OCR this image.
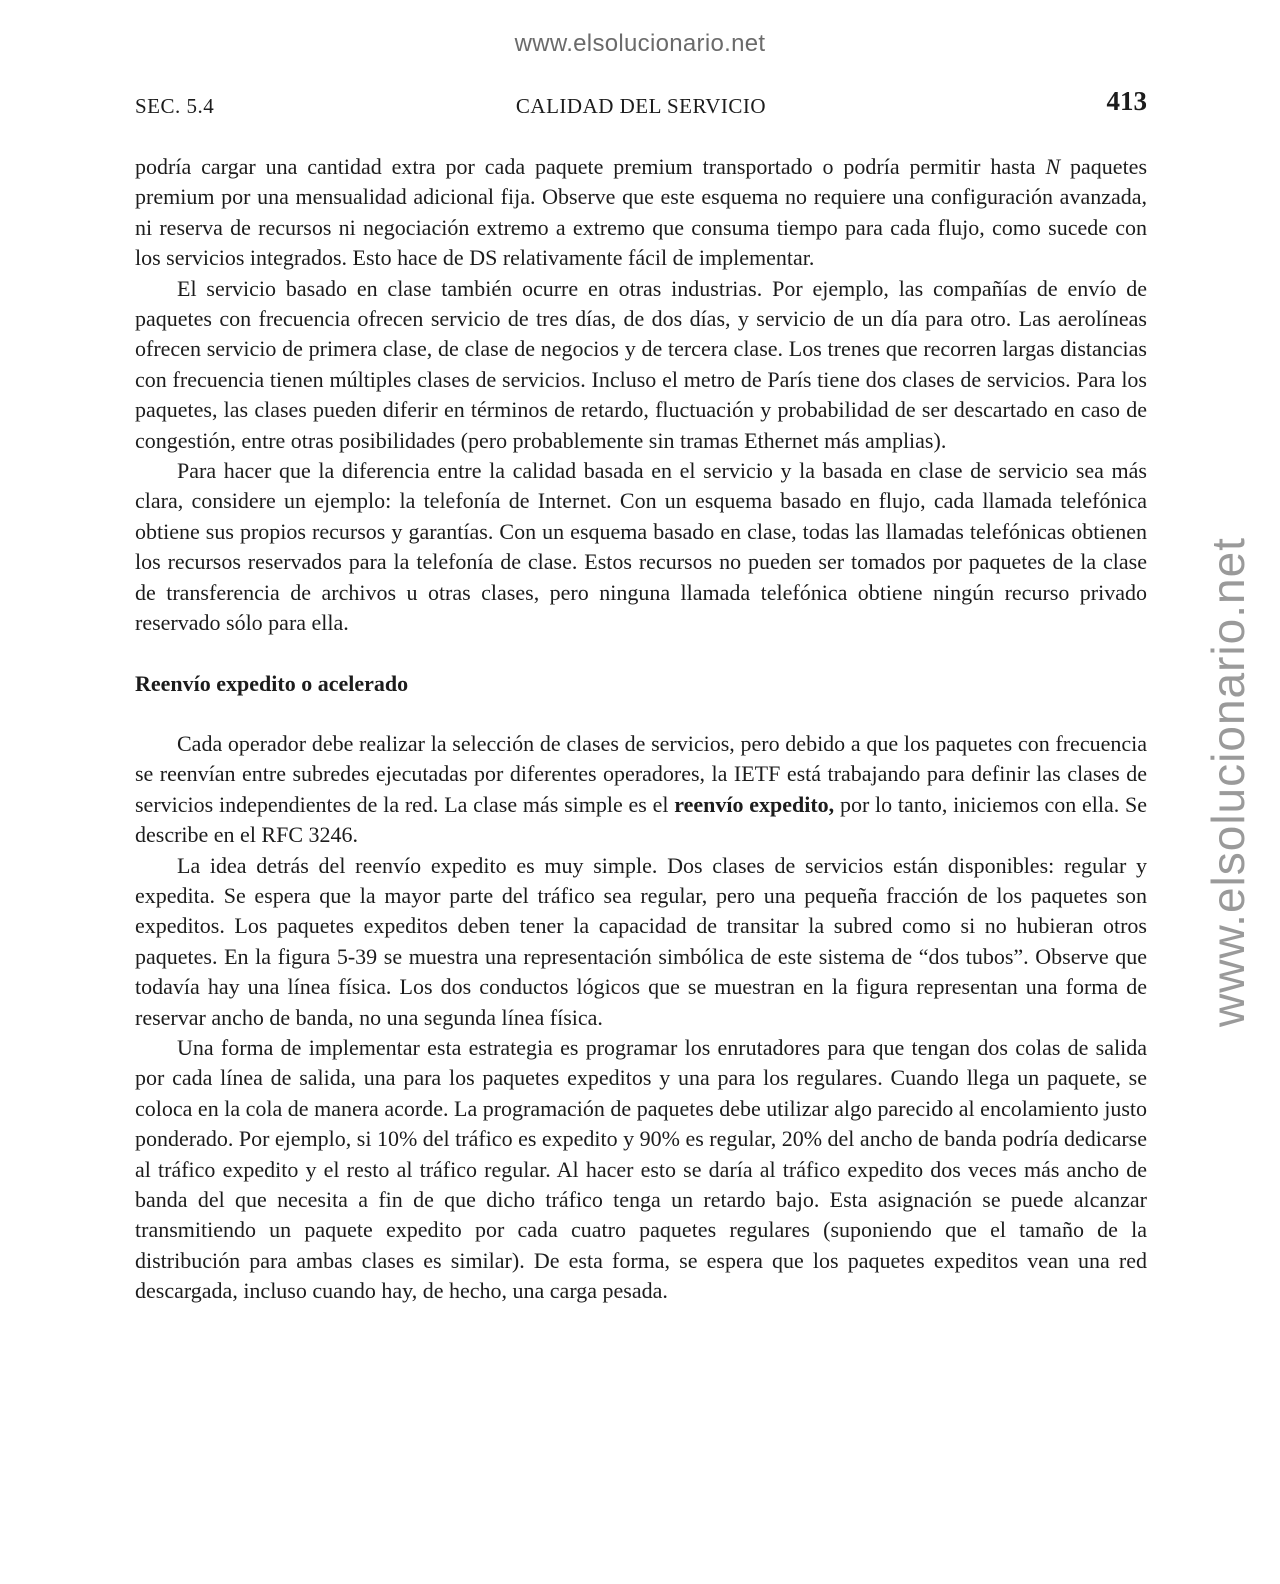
www.elsolucionario.net
www.elsolucionario.net
SEC. 5.4	CALIDAD DEL SERVICIO	413

podría cargar una cantidad extra por cada paquete premium transportado o podría permitir hasta N paquetes premium por una mensualidad adicional fija. Observe que este esquema no requiere una configuración avanzada, ni reserva de recursos ni negociación extremo a extremo que consuma tiempo para cada flujo, como sucede con los servicios integrados. Esto hace de DS relativamente fácil de implementar.

El servicio basado en clase también ocurre en otras industrias. Por ejemplo, las compañías de envío de paquetes con frecuencia ofrecen servicio de tres días, de dos días, y servicio de un día para otro. Las aerolíneas ofrecen servicio de primera clase, de clase de negocios y de tercera clase. Los trenes que recorren largas distancias con frecuencia tienen múltiples clases de servicios. Incluso el metro de París tiene dos clases de servicios. Para los paquetes, las clases pueden diferir en términos de retardo, fluctuación y probabilidad de ser descartado en caso de congestión, entre otras posibilidades (pero probablemente sin tramas Ethernet más amplias).

Para hacer que la diferencia entre la calidad basada en el servicio y la basada en clase de servicio sea más clara, considere un ejemplo: la telefonía de Internet. Con un esquema basado en flujo, cada llamada telefónica obtiene sus propios recursos y garantías. Con un esquema basado en clase, todas las llamadas telefónicas obtienen los recursos reservados para la telefonía de clase. Estos recursos no pueden ser tomados por paquetes de la clase de transferencia de archivos u otras clases, pero ninguna llamada telefónica obtiene ningún recurso privado reservado sólo para ella.

Reenvío expedito o acelerado

Cada operador debe realizar la selección de clases de servicios, pero debido a que los paquetes con frecuencia se reenvían entre subredes ejecutadas por diferentes operadores, la IETF está trabajando para definir las clases de servicios independientes de la red. La clase más simple es el reenvío expedito, por lo tanto, iniciemos con ella. Se describe en el RFC 3246.

La idea detrás del reenvío expedito es muy simple. Dos clases de servicios están disponibles: regular y expedita. Se espera que la mayor parte del tráfico sea regular, pero una pequeña fracción de los paquetes son expeditos. Los paquetes expeditos deben tener la capacidad de transitar la subred como si no hubieran otros paquetes. En la figura 5-39 se muestra una representación simbólica de este sistema de “dos tubos”. Observe que todavía hay una línea física. Los dos conductos lógicos que se muestran en la figura representan una forma de reservar ancho de banda, no una segunda línea física.

Una forma de implementar esta estrategia es programar los enrutadores para que tengan dos colas de salida por cada línea de salida, una para los paquetes expeditos y una para los regulares. Cuando llega un paquete, se coloca en la cola de manera acorde. La programación de paquetes debe utilizar algo parecido al encolamiento justo ponderado. Por ejemplo, si 10% del tráfico es expedito y 90% es regular, 20% del ancho de banda podría dedicarse al tráfico expedito y el resto al tráfico regular. Al hacer esto se daría al tráfico expedito dos veces más ancho de banda del que necesita a fin de que dicho tráfico tenga un retardo bajo. Esta asignación se puede alcanzar transmitiendo un paquete expedito por cada cuatro paquetes regulares (suponiendo que el tamaño de la distribución para ambas clases es similar). De esta forma, se espera que los paquetes expeditos vean una red descargada, incluso cuando hay, de hecho, una carga pesada.
